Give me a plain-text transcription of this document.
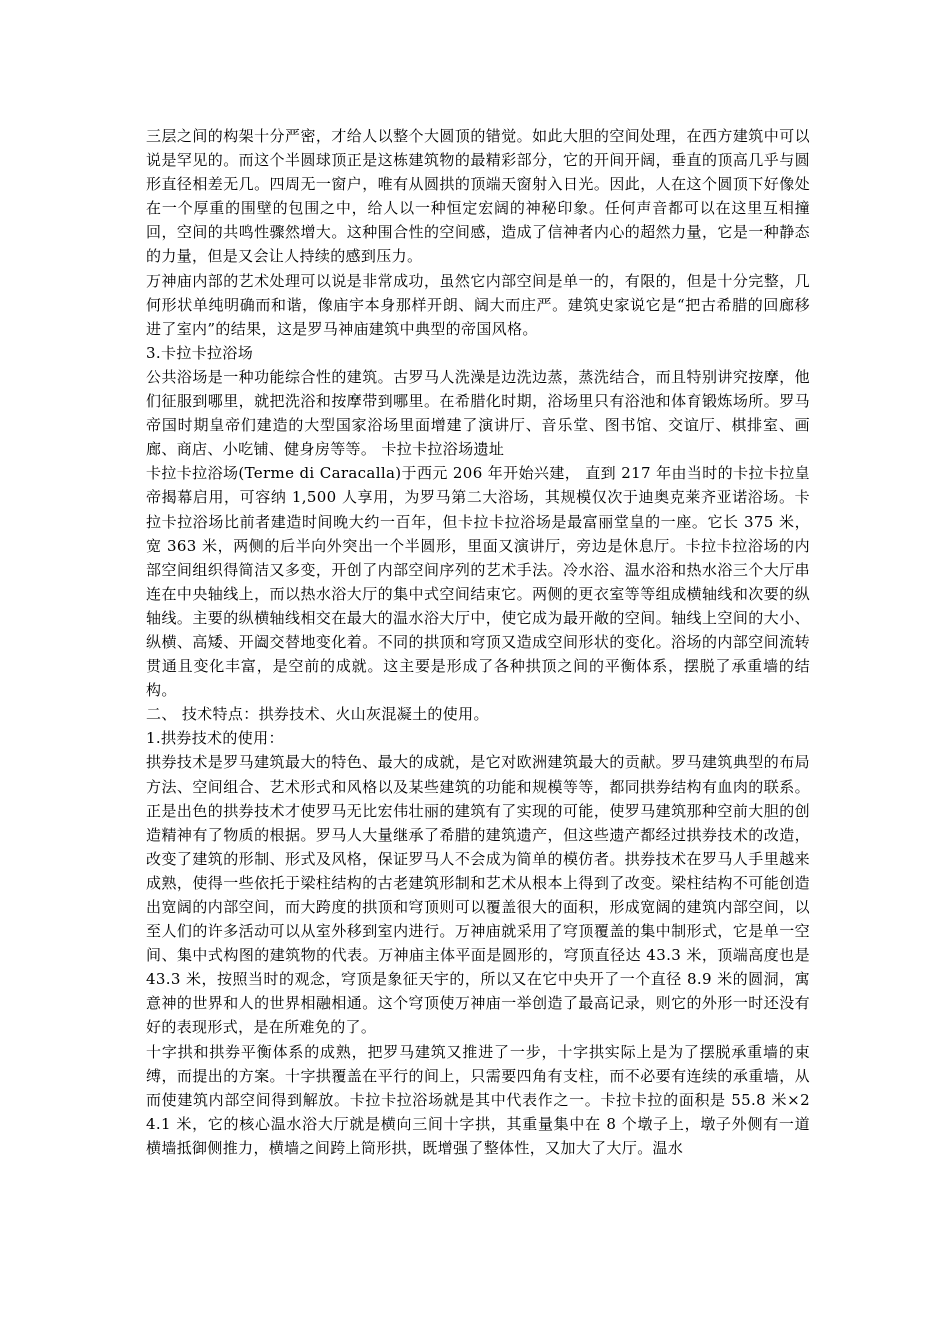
三层之间的构架十分严密，才给人以整个大圆顶的错觉。如此大胆的空间处理，在西方建筑中可以说是罕见的。而这个半圆球顶正是这栋建筑物的最精彩部分，它的开间开阔，垂直的顶高几乎与圆形直径相差无几。四周无一窗户，唯有从圆拱的顶端天窗射入日光。因此，人在这个圆顶下好像处在一个厚重的围壁的包围之中，给人以一种恒定宏阔的神秘印象。任何声音都可以在这里互相撞回，空间的共鸣性骤然增大。这种围合性的空间感，造成了信神者内心的超然力量，它是一种静态的力量，但是又会让人持续的感到压力。

万神庙内部的艺术处理可以说是非常成功，虽然它内部空间是单一的，有限的，但是十分完整，几何形状单纯明确而和谐，像庙宇本身那样开朗、阔大而庄严。建筑史家说它是“把古希腊的回廊移进了室内”的结果，这是罗马神庙建筑中典型的帝国风格。

3.卡拉卡拉浴场

公共浴场是一种功能综合性的建筑。古罗马人洗澡是边洗边蒸，蒸洗结合，而且特别讲究按摩，他们征服到哪里，就把洗浴和按摩带到哪里。在希腊化时期，浴场里只有浴池和体育锻炼场所。罗马帝国时期皇帝们建造的大型国家浴场里面增建了演讲厅、音乐堂、图书馆、交谊厅、棋排室、画廊、商店、小吃铺、健身房等等。 卡拉卡拉浴场遗址

卡拉卡拉浴场(Terme di Caracalla)于西元 206 年开始兴建， 直到 217 年由当时的卡拉卡拉皇帝揭幕启用，可容纳 1,500 人享用，为罗马第二大浴场，其规模仅次于迪奥克莱齐亚诺浴场。卡拉卡拉浴场比前者建造时间晚大约一百年，但卡拉卡拉浴场是最富丽堂皇的一座。它长 375 米，宽 363 米，两侧的后半向外突出一个半圆形，里面又演讲厅，旁边是休息厅。卡拉卡拉浴场的内部空间组织得简洁又多变，开创了内部空间序列的艺术手法。冷水浴、温水浴和热水浴三个大厅串连在中央轴线上，而以热水浴大厅的集中式空间结束它。两侧的更衣室等等组成横轴线和次要的纵轴线。主要的纵横轴线相交在最大的温水浴大厅中，使它成为最开敞的空间。轴线上空间的大小、纵横、高矮、开阖交替地变化着。不同的拱顶和穹顶又造成空间形状的变化。浴场的内部空间流转贯通且变化丰富，是空前的成就。这主要是形成了各种拱顶之间的平衡体系，摆脱了承重墙的结构。

二、 技术特点：拱券技术、火山灰混凝土的使用。

1.拱券技术的使用：

拱券技术是罗马建筑最大的特色、最大的成就，是它对欧洲建筑最大的贡献。罗马建筑典型的布局方法、空间组合、艺术形式和风格以及某些建筑的功能和规模等等，都同拱券结构有血肉的联系。正是出色的拱券技术才使罗马无比宏伟壮丽的建筑有了实现的可能，使罗马建筑那种空前大胆的创造精神有了物质的根据。罗马人大量继承了希腊的建筑遗产，但这些遗产都经过拱券技术的改造，改变了建筑的形制、形式及风格，保证罗马人不会成为简单的模仿者。拱券技术在罗马人手里越来成熟，使得一些依托于梁柱结构的古老建筑形制和艺术从根本上得到了改变。梁柱结构不可能创造出宽阔的内部空间，而大跨度的拱顶和穹顶则可以覆盖很大的面积，形成宽阔的建筑内部空间，以至人们的许多活动可以从室外移到室内进行。万神庙就采用了穹顶覆盖的集中制形式，它是单一空间、集中式构图的建筑物的代表。万神庙主体平面是圆形的，穹顶直径达 43.3 米，顶端高度也是 43.3 米，按照当时的观念，穹顶是象征天宇的，所以又在它中央开了一个直径 8.9 米的圆洞，寓意神的世界和人的世界相融相通。这个穹顶使万神庙一举创造了最高记录，则它的外形一时还没有好的表现形式，是在所难免的了。

十字拱和拱券平衡体系的成熟，把罗马建筑又推进了一步，十字拱实际上是为了摆脱承重墙的束缚，而提出的方案。十字拱覆盖在平行的间上，只需要四角有支柱，而不必要有连续的承重墙，从而使建筑内部空间得到解放。卡拉卡拉浴场就是其中代表作之一。卡拉卡拉的面积是 55.8 米×24.1 米，它的核心温水浴大厅就是横向三间十字拱，其重量集中在 8 个墩子上，墩子外侧有一道横墙抵御侧推力，横墙之间跨上筒形拱，既增强了整体性，又加大了大厅。温水
